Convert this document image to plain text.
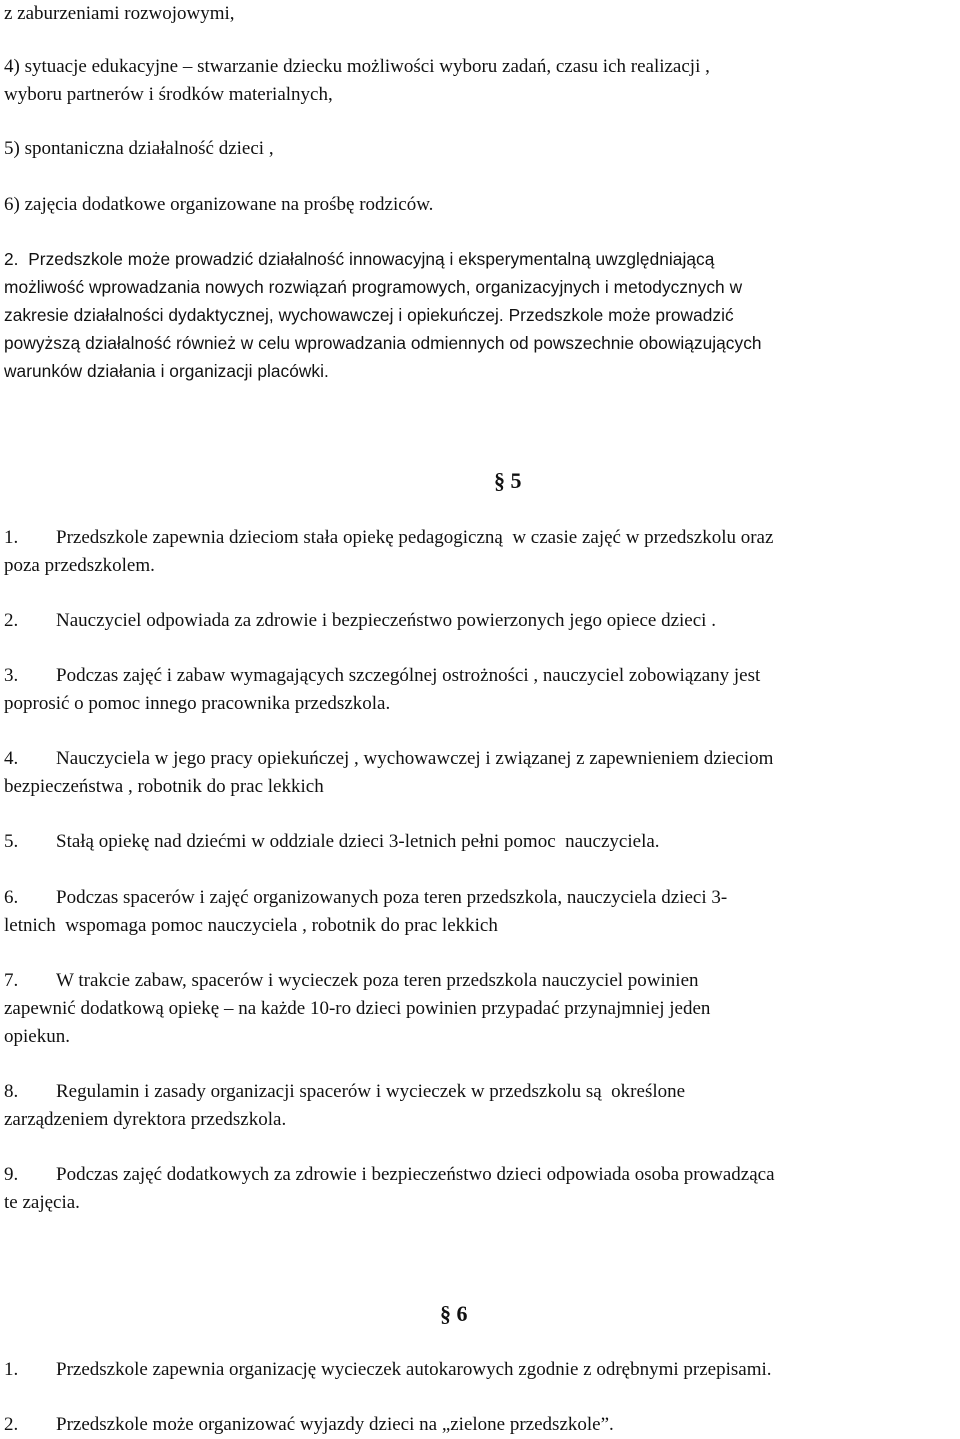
z zaburzeniami rozwojowymi,
4) sytuacje edukacyjne – stwarzanie dziecku możliwości wyboru zadań, czasu ich realizacji ,
wyboru partnerów i środków materialnych,
5) spontaniczna działalność dzieci ,
6) zajęcia dodatkowe organizowane na prośbę rodziców.
2.  Przedszkole może prowadzić działalność innowacyjną i eksperymentalną uwzględniającą
możliwość wprowadzania nowych rozwiązań programowych, organizacyjnych i metodycznych w
zakresie działalności dydaktycznej, wychowawczej i opiekuńczej. Przedszkole może prowadzić
powyższą działalność również w celu wprowadzania odmiennych od powszechnie obowiązujących
warunków działania i organizacji placówki.
§ 5
1. Przedszkole zapewnia dzieciom stała opiekę pedagogiczną  w czasie zajęć w przedszkolu oraz
poza przedszkolem.
2. Nauczyciel odpowiada za zdrowie i bezpieczeństwo powierzonych jego opiece dzieci .
3. Podczas zajęć i zabaw wymagających szczególnej ostrożności , nauczyciel zobowiązany jest
poprosić o pomoc innego pracownika przedszkola.
4. Nauczyciela w jego pracy opiekuńczej , wychowawczej i związanej z zapewnieniem dzieciom
bezpieczeństwa , robotnik do prac lekkich
5. Stałą opiekę nad dziećmi w oddziale dzieci 3-letnich pełni pomoc  nauczyciela.
6. Podczas spacerów i zajęć organizowanych poza teren przedszkola, nauczyciela dzieci 3-
letnich  wspomaga pomoc nauczyciela , robotnik do prac lekkich
7. W trakcie zabaw, spacerów i wycieczek poza teren przedszkola nauczyciel powinien
zapewnić dodatkową opiekę – na każde 10-ro dzieci powinien przypadać przynajmniej jeden
opiekun.
8. Regulamin i zasady organizacji spacerów i wycieczek w przedszkolu są  określone
zarządzeniem dyrektora przedszkola.
9. Podczas zajęć dodatkowych za zdrowie i bezpieczeństwo dzieci odpowiada osoba prowadząca
te zajęcia.
§ 6
1. Przedszkole zapewnia organizację wycieczek autokarowych zgodnie z odrębnymi przepisami.
2. Przedszkole może organizować wyjazdy dzieci na „zielone przedszkole”.
